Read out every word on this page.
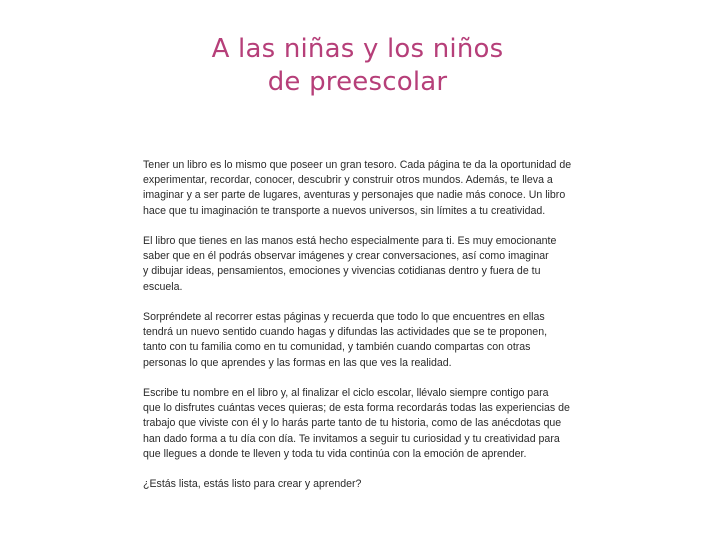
A las niñas y los niños
de preescolar

Tener un libro es lo mismo que poseer un gran tesoro. Cada página te da la oportunidad de
experimentar, recordar, conocer, descubrir y construir otros mundos. Además, te lleva a
imaginar y a ser parte de lugares, aventuras y personajes que nadie más conoce. Un libro
hace que tu imaginación te transporte a nuevos universos, sin límites a tu creatividad.

El libro que tienes en las manos está hecho especialmente para ti. Es muy emocionante
saber que en él podrás observar imágenes y crear conversaciones, así como imaginar
y dibujar ideas, pensamientos, emociones y vivencias cotidianas dentro y fuera de tu
escuela.

Sorpréndete al recorrer estas páginas y recuerda que todo lo que encuentres en ellas
tendrá un nuevo sentido cuando hagas y difundas las actividades que se te proponen,
tanto con tu familia como en tu comunidad, y también cuando compartas con otras
personas lo que aprendes y las formas en las que ves la realidad.

Escribe tu nombre en el libro y, al finalizar el ciclo escolar, llévalo siempre contigo para
que lo disfrutes cuántas veces quieras; de esta forma recordarás todas las experiencias de
trabajo que viviste con él y lo harás parte tanto de tu historia, como de las anécdotas que
han dado forma a tu día con día. Te invitamos a seguir tu curiosidad y tu creatividad para
que llegues a donde te lleven y toda tu vida continúa con la emoción de aprender.

¿Estás lista, estás listo para crear y aprender?
